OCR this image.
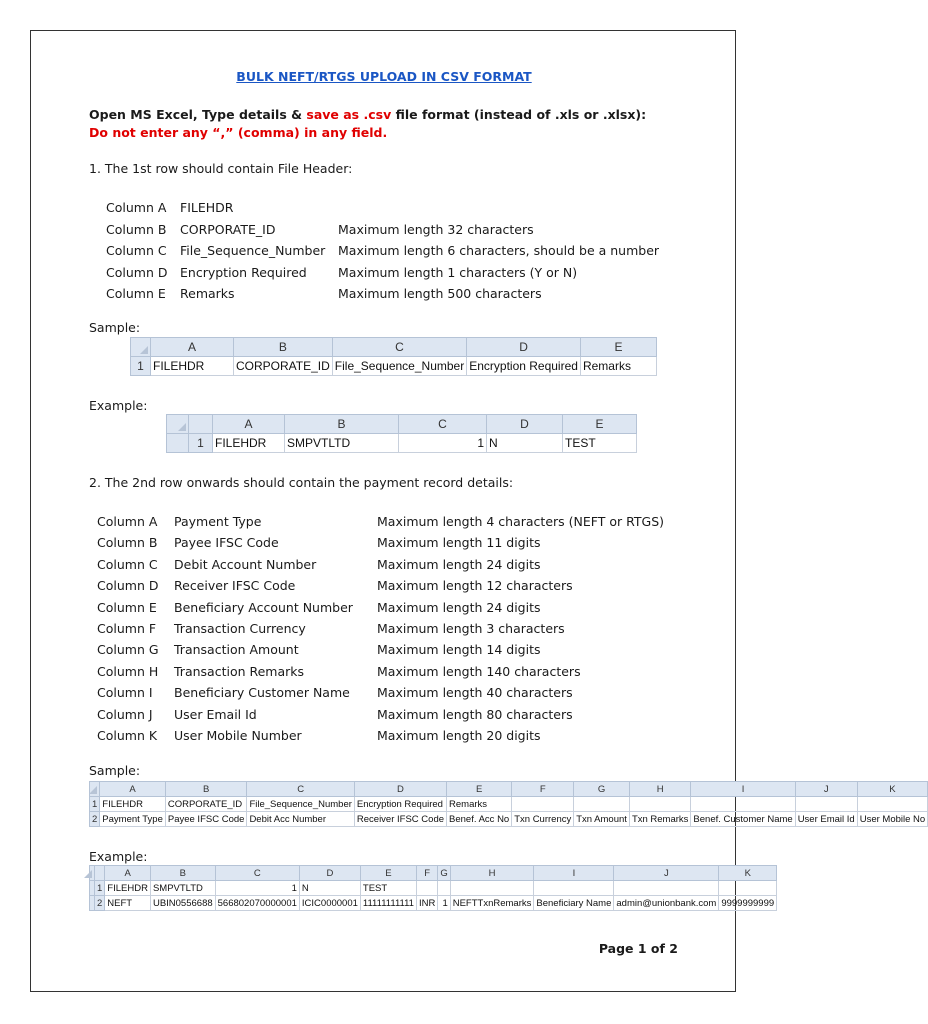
BULK NEFT/RTGS UPLOAD IN CSV FORMAT
Open MS Excel, Type details & save as .csv file format (instead of .xls or .xlsx):
Do not enter any “,” (comma) in any field.
1. The 1st row should contain File Header:
Column A FILEHDR
Column B CORPORATE_ID	Maximum length 32 characters
Column C File_Sequence_Number Maximum length 6 characters, should be a number
Column D Encryption Required	Maximum length 1 characters (Y or N)
Column E Remarks	Maximum length 500 characters
Sample:
	A	B	C	D	E
1	FILEHDR	CORPORATE_ID	File_Sequence_Number	Encryption Required	Remarks
Example:
		A	B	C	D	E
	1	FILEHDR	SMPVTLTD	1	N	TEST
2. The 2nd row onwards should contain the payment record details:
Column A Payment Type	Maximum length 4 characters (NEFT or RTGS)
Column B Payee IFSC Code	Maximum length 11 digits
Column C Debit Account Number	Maximum length 24 digits
Column D Receiver IFSC Code	Maximum length 12 characters
Column E Beneficiary Account Number Maximum length 24 digits
Column F Transaction Currency	Maximum length 3 characters
Column G Transaction Amount	Maximum length 14 digits
Column H Transaction Remarks	Maximum length 140 characters
Column I Beneficiary Customer Name Maximum length 40 characters
Column J User Email Id	Maximum length 80 characters
Column K User Mobile Number	Maximum length 20 digits
Sample:
	A	B	C	D	E	F	G	H	I	J	K
1	FILEHDR	CORPORATE_ID	File_Sequence_Number	Encryption Required	Remarks						
2	Payment Type	Payee IFSC Code	Debit Acc Number	Receiver IFSC Code	Benef. Acc No	Txn Currency	Txn Amount	Txn Remarks	Benef. Customer Name	User Email Id	User Mobile No
Example:
		A	B	C	D	E	F	G	H	I	J	K
	1	FILEHDR	SMPVTLTD	1	N	TEST						
	2	NEFT	UBIN0556688	566802070000001	ICIC0000001	11111111111	INR	1	NEFTTxnRemarks	Beneficiary Name	admin@unionbank.com	9999999999
Page 1 of 2
